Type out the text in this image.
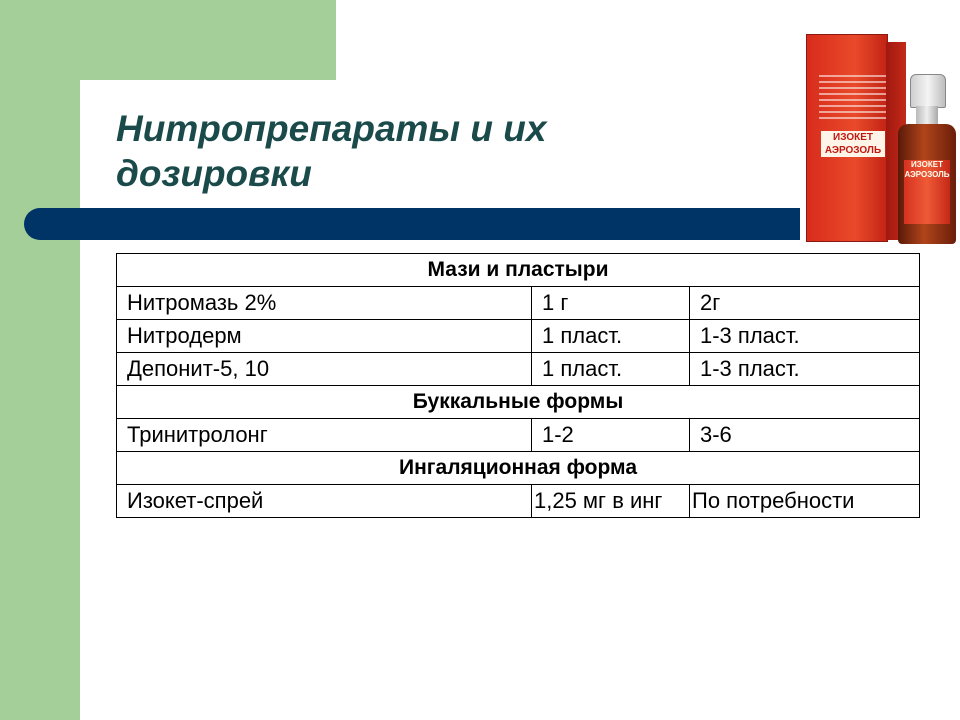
Нитропрепараты и их дозировки
ИЗОКЕТ АЭРОЗОЛЬ
ИЗОКЕТ АЭРОЗОЛЬ
Мази и пластыри		
Нитромазь 2%	1 г	2г
Нитродерм	1 пласт.	1-3 пласт.
Депонит-5, 10	1 пласт.	1-3 пласт.
Буккальные формы		
Тринитролонг	1-2	3-6
Ингаляционная форма		
Изокет-спрей	1,25 мг в инг	По потребности
